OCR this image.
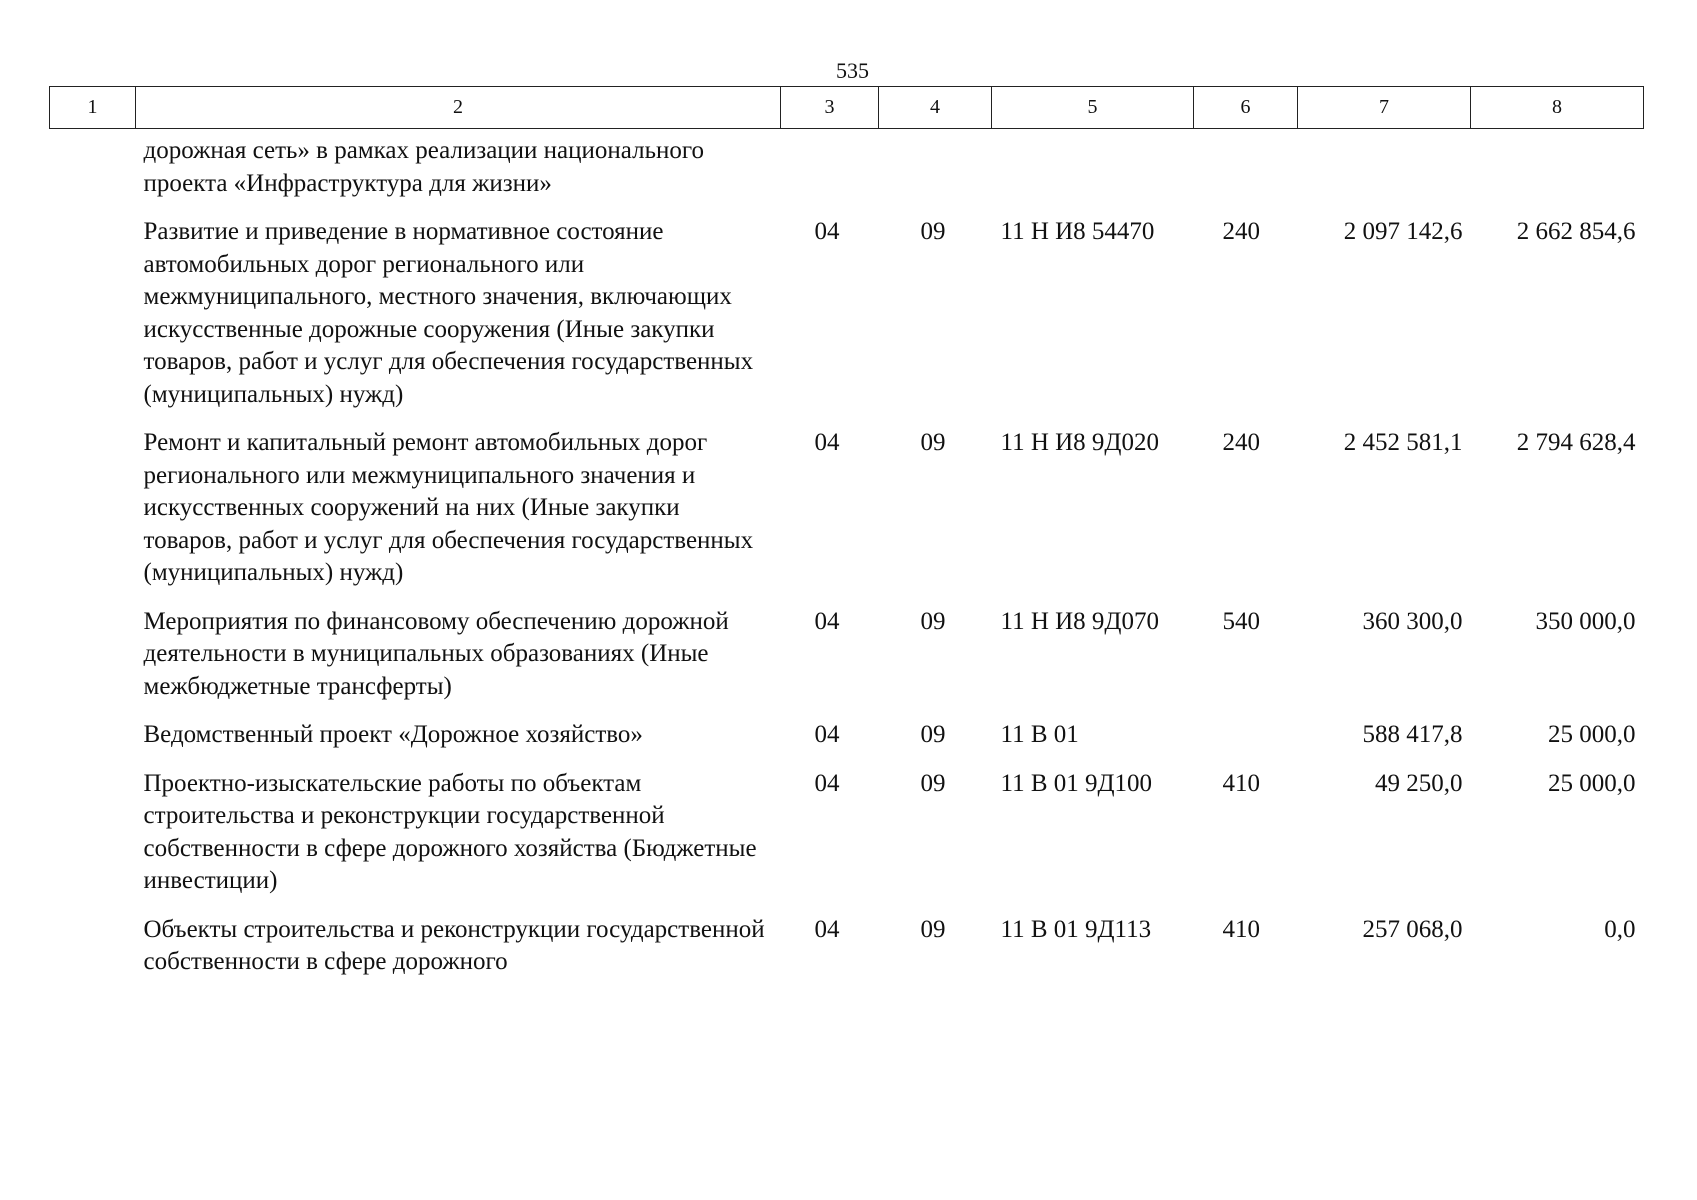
535
1	2	3	4	5	6	7	8
	дорожная сеть» в рамках реализации национального проекта «Инфраструктура для жизни»						
	Развитие и приведение в нормативное состояние автомобильных дорог регионального или межмуниципального, местного значения, включающих искусственные дорожные сооружения (Иные закупки товаров, работ и услуг для обеспечения государственных (муниципальных) нужд)	04	09	11 Н И8 54470	240	2 097 142,6	2 662 854,6
	Ремонт и капитальный ремонт автомобильных дорог регионального или межмуниципального значения и искусственных сооружений на них (Иные закупки товаров, работ и услуг для обеспечения государственных (муниципальных) нужд)	04	09	11 Н И8 9Д020	240	2 452 581,1	2 794 628,4
	Мероприятия по финансовому обеспечению дорожной деятельности в муниципальных образованиях (Иные межбюджетные трансферты)	04	09	11 Н И8 9Д070	540	360 300,0	350 000,0
	Ведомственный проект «Дорожное хозяйство»	04	09	11 В 01		588 417,8	25 000,0
	Проектно-изыскательские работы по объектам строительства и реконструкции государственной собственности в сфере дорожного хозяйства (Бюджетные инвестиции)	04	09	11 В 01 9Д100	410	49 250,0	25 000,0
	Объекты строительства и реконструкции государственной собственности в сфере дорожного	04	09	11 В 01 9Д113	410	257 068,0	0,0
